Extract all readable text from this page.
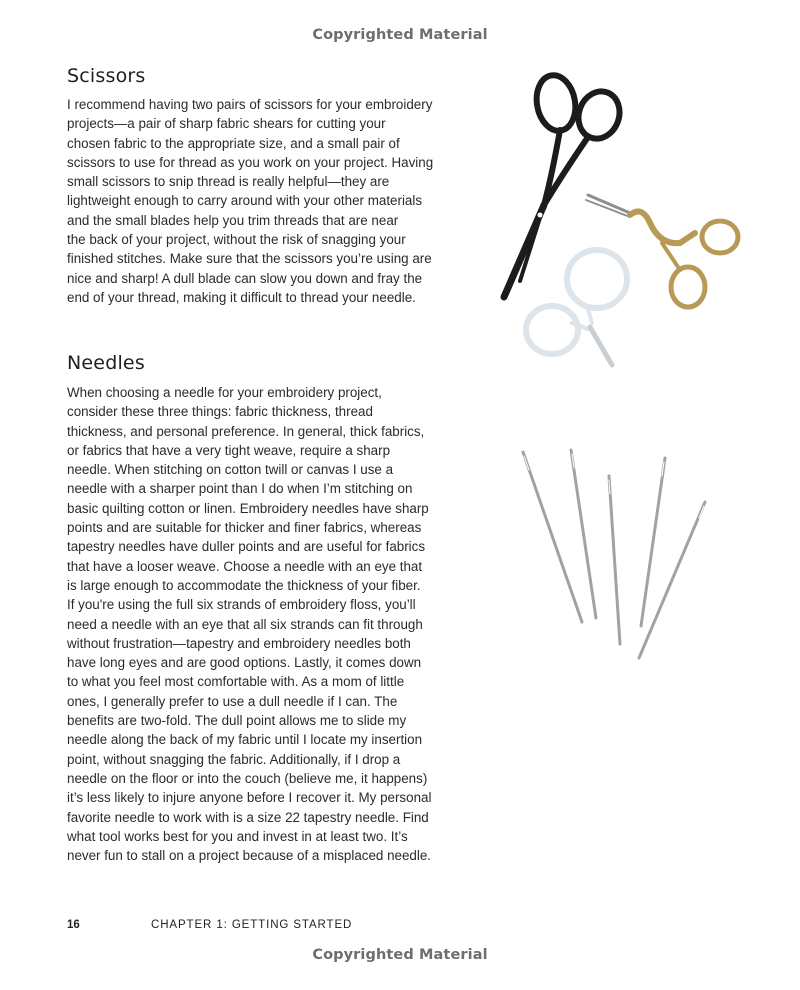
Copyrighted Material
Scissors

I recommend having two pairs of scissors for your embroidery
projects—a pair of sharp fabric shears for cutting your
chosen fabric to the appropriate size, and a small pair of
scissors to use for thread as you work on your project. Having
small scissors to snip thread is really helpful—they are
lightweight enough to carry around with your other materials
and the small blades help you trim threads that are near
the back of your project, without the risk of snagging your
finished stitches. Make sure that the scissors you’re using are
nice and sharp! A dull blade can slow you down and fray the
end of your thread, making it difficult to thread your needle.

Needles

When choosing a needle for your embroidery project,
consider these three things: fabric thickness, thread
thickness, and personal preference. In general, thick fabrics,
or fabrics that have a very tight weave, require a sharp
needle. When stitching on cotton twill or canvas I use a
needle with a sharper point than I do when I’m stitching on
basic quilting cotton or linen. Embroidery needles have sharp
points and are suitable for thicker and finer fabrics, whereas
tapestry needles have duller points and are useful for fabrics
that have a looser weave. Choose a needle with an eye that
is large enough to accommodate the thickness of your fiber.
If you're using the full six strands of embroidery floss, you’ll
need a needle with an eye that all six strands can fit through
without frustration—tapestry and embroidery needles both
have long eyes and are good options. Lastly, it comes down
to what you feel most comfortable with. As a mom of little
ones, I generally prefer to use a dull needle if I can. The
benefits are two-fold. The dull point allows me to slide my
needle along the back of my fabric until I locate my insertion
point, without snagging the fabric. Additionally, if I drop a
needle on the floor or into the couch (believe me, it happens)
it’s less likely to injure anyone before I recover it. My personal
favorite needle to work with is a size 22 tapestry needle. Find
what tool works best for you and invest in at least two. It’s
never fun to stall on a project because of a misplaced needle.

16	CHAPTER 1: GETTING STARTED
Copyrighted Material
